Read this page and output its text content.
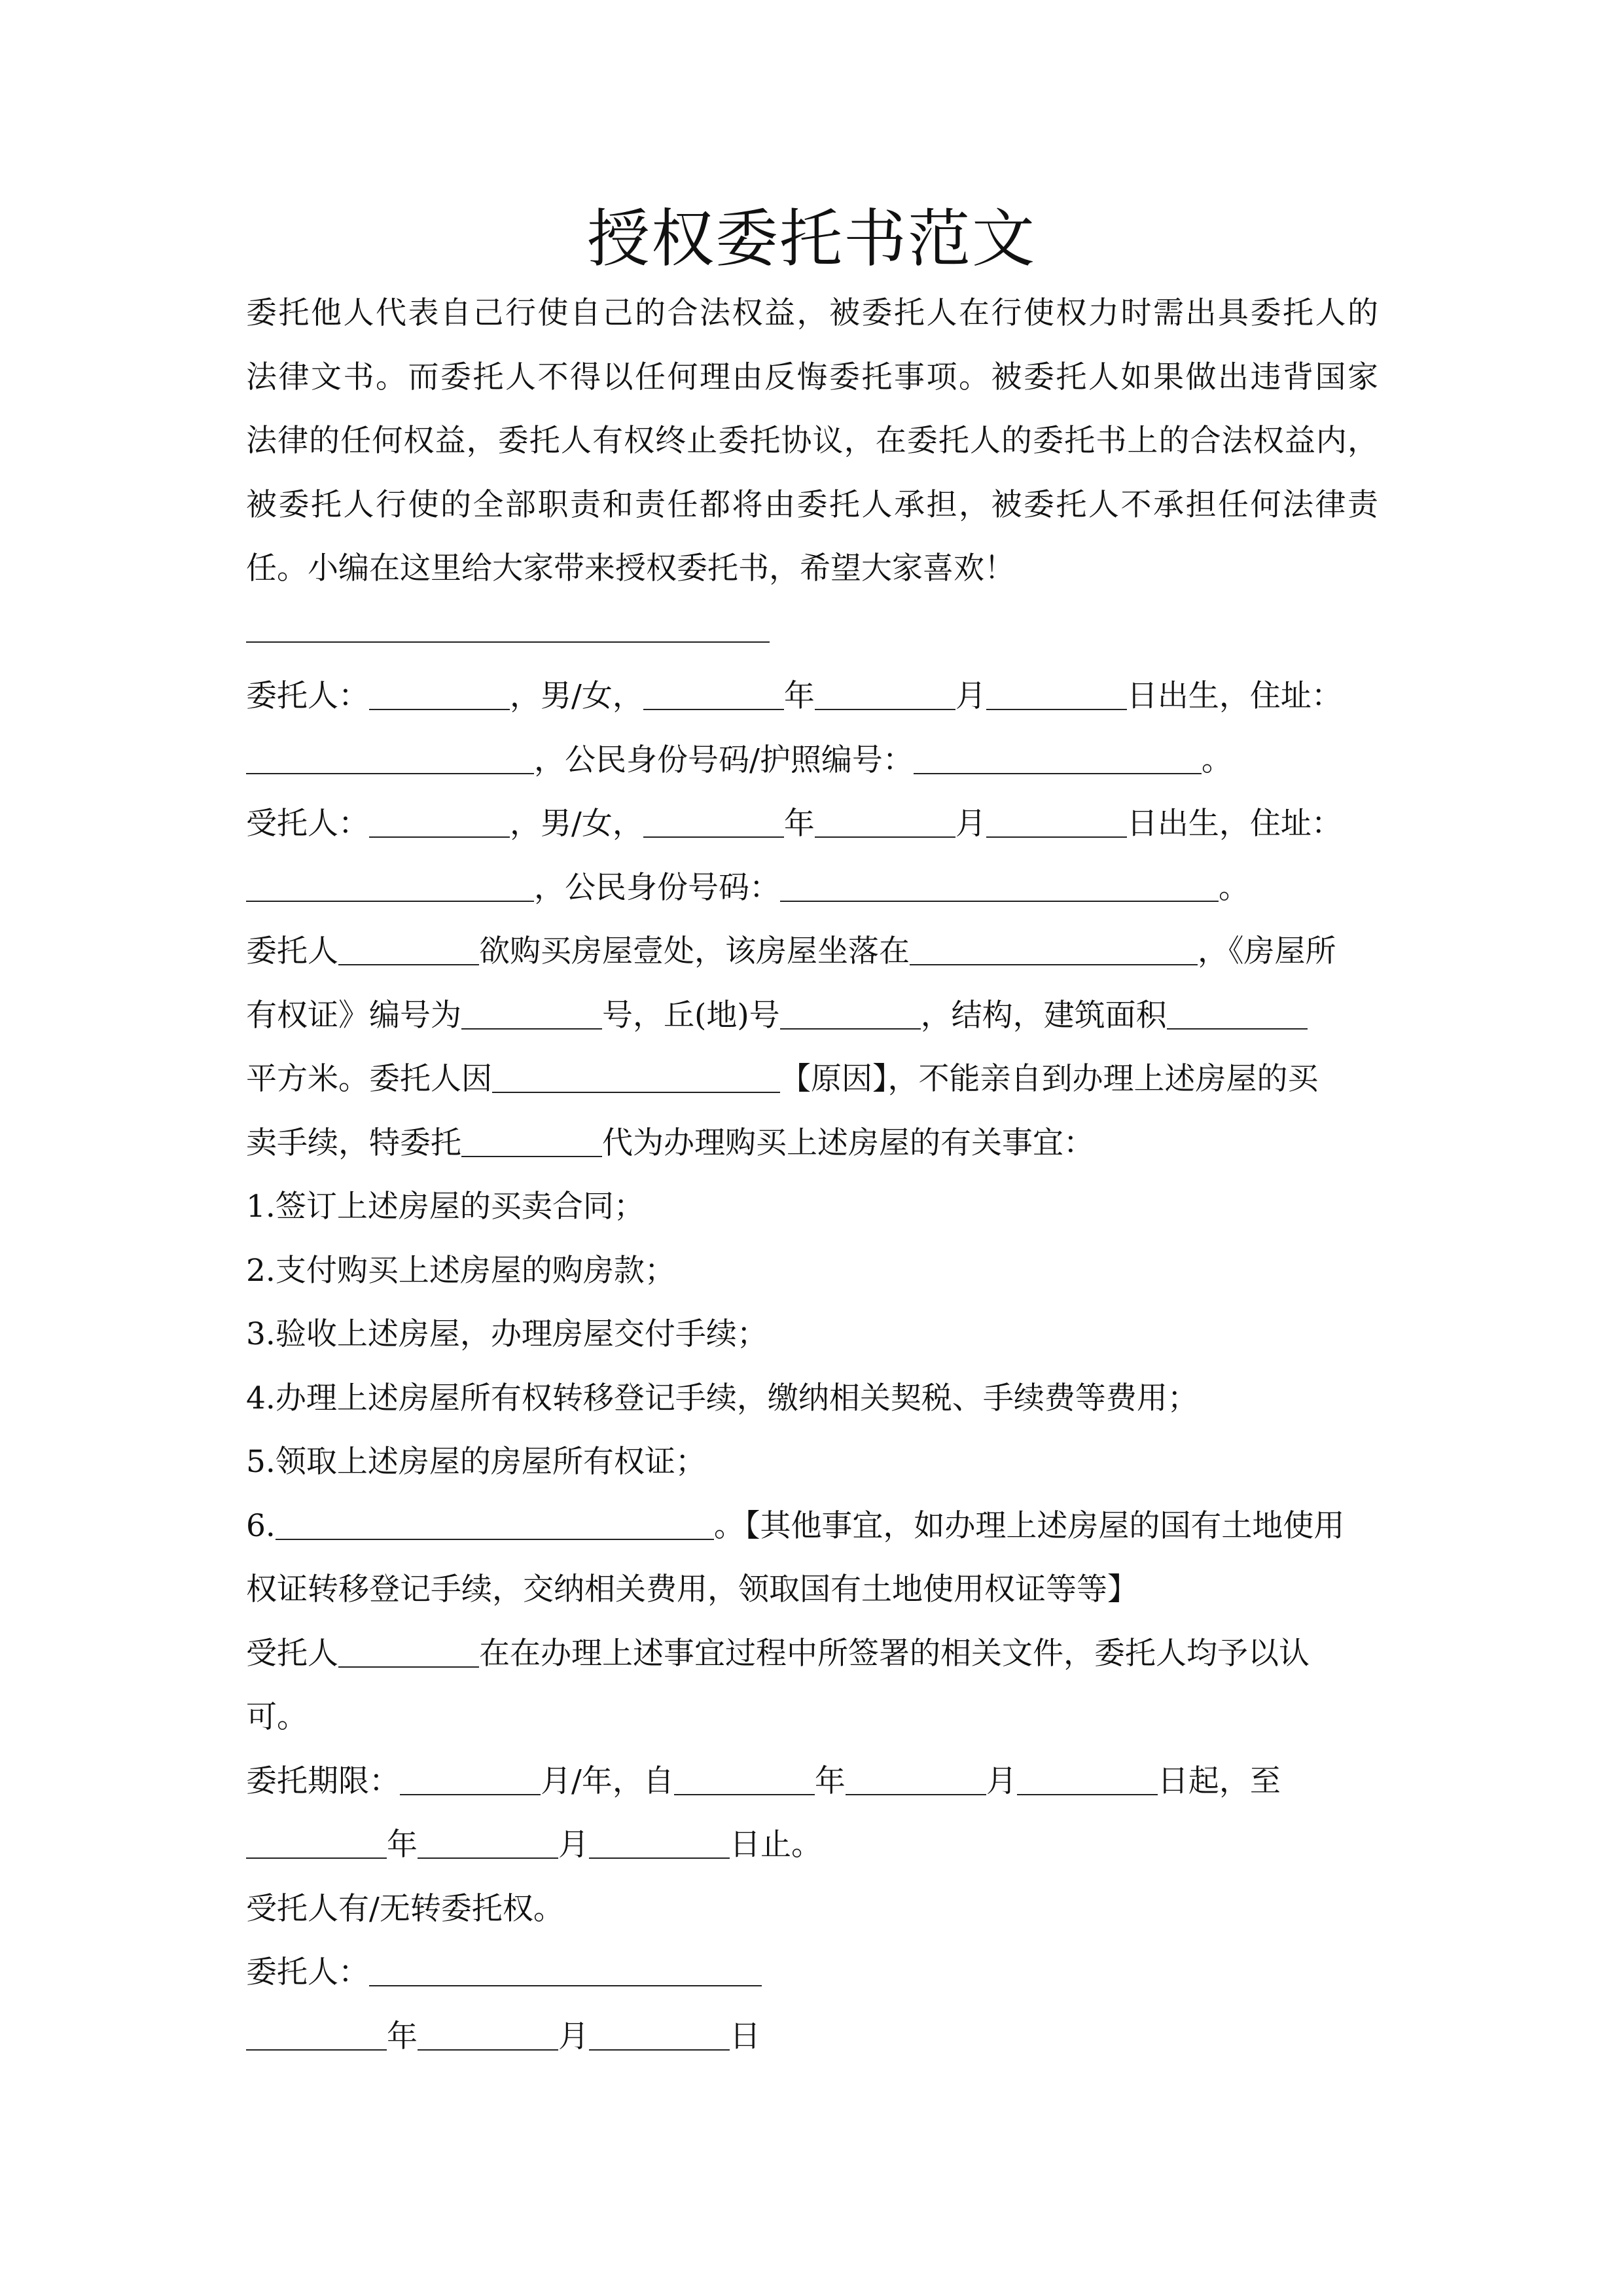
授权委托书范文
委托他人代表自己行使自己的合法权益，被委托人在行使权力时需出具委托人的
法律文书。而委托人不得以任何理由反悔委托事项。被委托人如果做出违背国家
法律的任何权益，委托人有权终止委托协议，在委托人的委托书上的合法权益内，
被委托人行使的全部职责和责任都将由委托人承担，被委托人不承担任何法律责
任。小编在这里给大家带来授权委托书，希望大家喜欢！
委托人：	，男/女，	年	月	日出生，住址：
，公民身份号码/护照编号：	。
受托人：	，男/女，	年	月	日出生，住址：
，公民身份号码：	。
委托人	欲购买房屋壹处，该房屋坐落在	，《房屋所
有权证》编号为	号，丘(地)号	，结构，建筑面积
平方米。委托人因	【原因】，不能亲自到办理上述房屋的买
卖手续，特委托	代为办理购买上述房屋的有关事宜：
1.签订上述房屋的买卖合同；
2.支付购买上述房屋的购房款；
3.验收上述房屋，办理房屋交付手续；
4.办理上述房屋所有权转移登记手续，缴纳相关契税、手续费等费用；
5.领取上述房屋的房屋所有权证；
6.	。【其他事宜，如办理上述房屋的国有土地使用
权证转移登记手续，交纳相关费用，领取国有土地使用权证等等】
受托人	在在办理上述事宜过程中所签署的相关文件，委托人均予以认
可。
委托期限：	月/年，自	年	月	日起，至
年	月	日止。
受托人有/无转委托权。
委托人：
年	月	日
